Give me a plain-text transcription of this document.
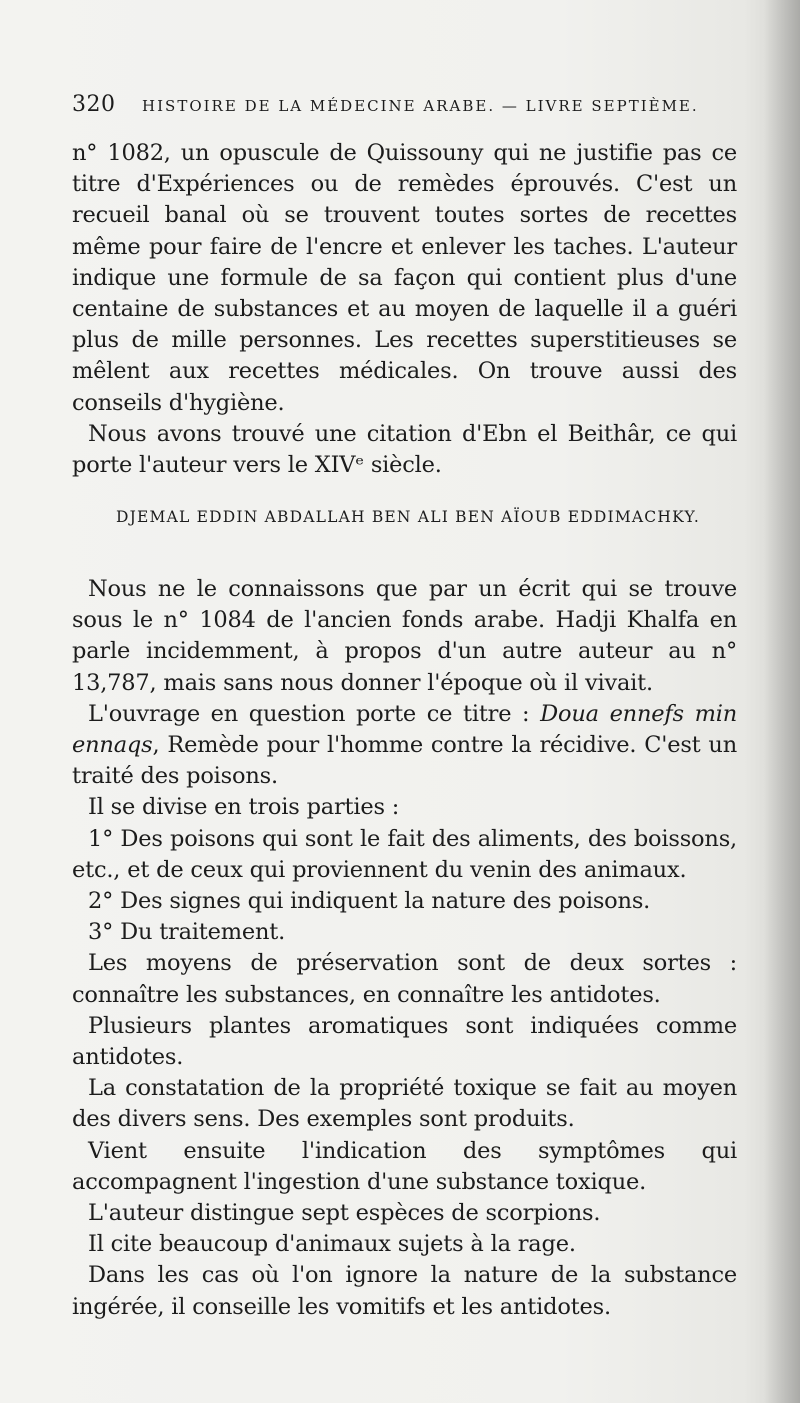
320 HISTOIRE DE LA MÉDECINE ARABE. — LIVRE SEPTIÈME.

n° 1082, un opuscule de Quissouny qui ne justifie pas ce titre d'Expériences ou de remèdes éprouvés. C'est un recueil banal où se trouvent toutes sortes de recettes même pour faire de l'encre et enlever les taches. L'auteur indique une formule de sa façon qui contient plus d'une centaine de substances et au moyen de laquelle il a guéri plus de mille personnes. Les recettes superstitieuses se mêlent aux recettes médicales. On trouve aussi des conseils d'hygiène.

Nous avons trouvé une citation d'Ebn el Beithâr, ce qui porte l'auteur vers le XIVᵉ siècle.

DJEMAL EDDIN ABDALLAH BEN ALI BEN AÏOUB EDDIMACHKY.

Nous ne le connaissons que par un écrit qui se trouve sous le n° 1084 de l'ancien fonds arabe. Hadji Khalfa en parle incidemment, à propos d'un autre auteur au n° 13,787, mais sans nous donner l'époque où il vivait.

L'ouvrage en question porte ce titre : Doua ennefs min ennaqs, Remède pour l'homme contre la récidive. C'est un traité des poisons.

Il se divise en trois parties :

1° Des poisons qui sont le fait des aliments, des boissons, etc., et de ceux qui proviennent du venin des animaux.

2° Des signes qui indiquent la nature des poisons.

3° Du traitement.

Les moyens de préservation sont de deux sortes : connaître les substances, en connaître les antidotes.

Plusieurs plantes aromatiques sont indiquées comme antidotes.

La constatation de la propriété toxique se fait au moyen des divers sens. Des exemples sont produits.

Vient ensuite l'indication des symptômes qui accompagnent l'ingestion d'une substance toxique.

L'auteur distingue sept espèces de scorpions.

Il cite beaucoup d'animaux sujets à la rage.

Dans les cas où l'on ignore la nature de la substance ingérée, il conseille les vomitifs et les antidotes.
